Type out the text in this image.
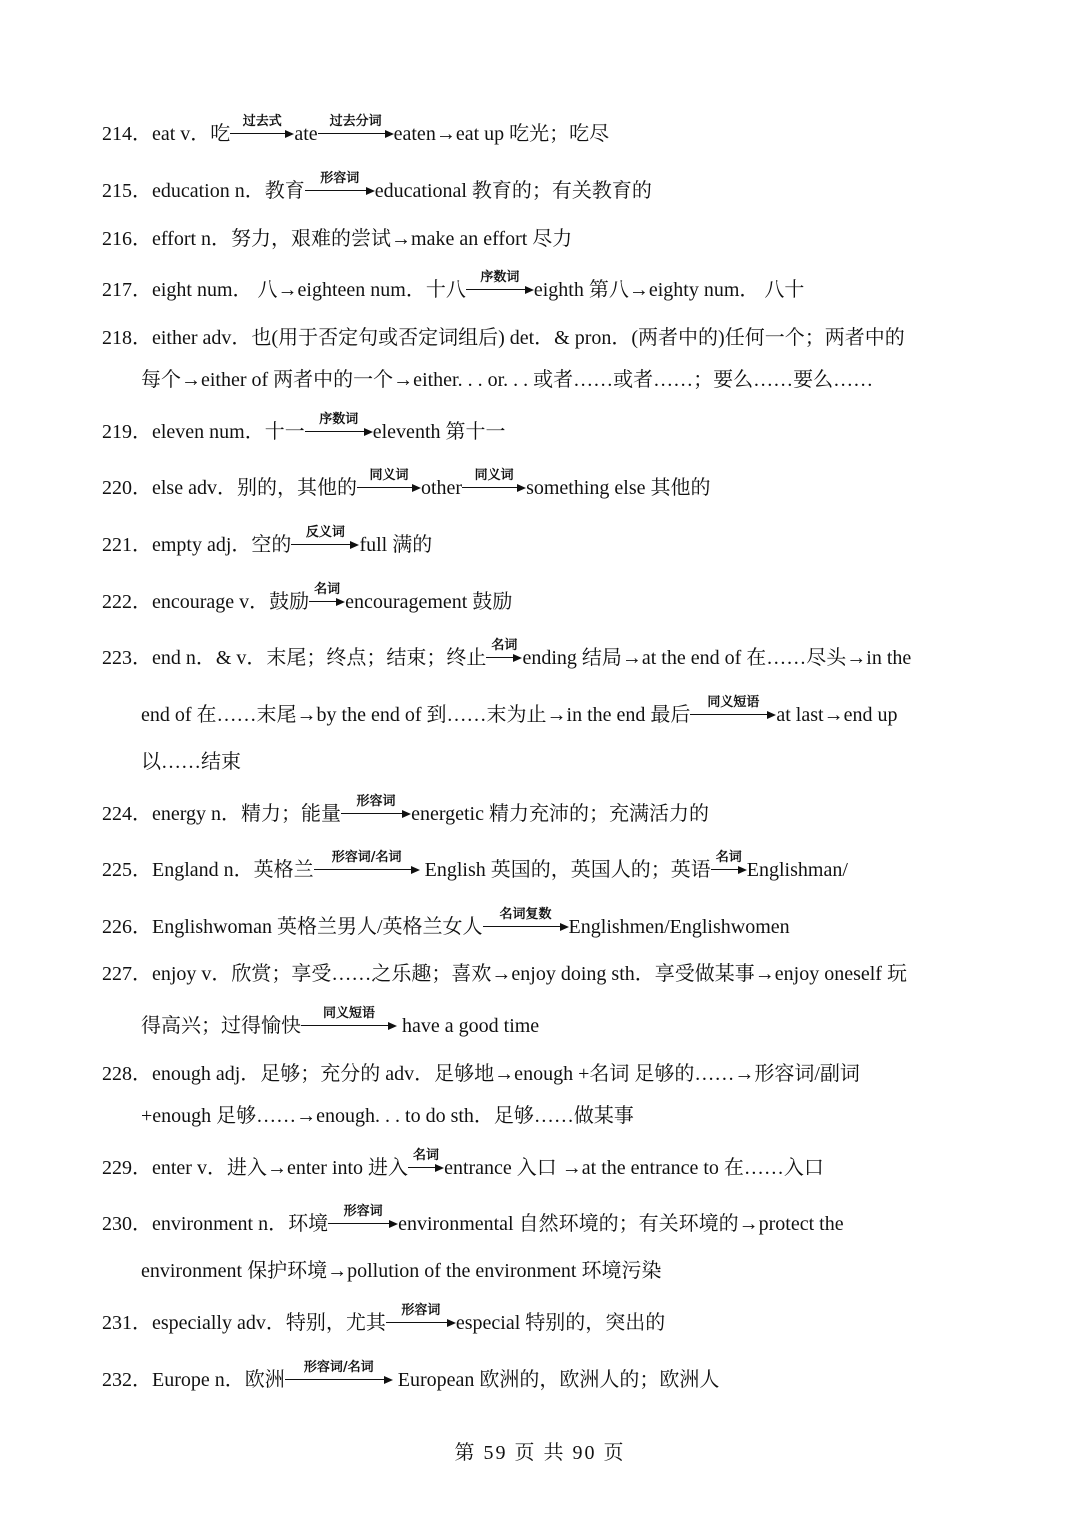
214．eat v．吃
过去式
ate
过去分词
eaten→eat up 吃光；吃尽
215．education n．教育
形容词
educational 教育的；有关教育的
216．effort n．努力，艰难的尝试→make an effort 尽力
217．eight num． 八→eighteen num．十八
序数词
eighth 第八→eighty num． 八十
218．either adv．也(用于否定句或否定词组后) det．& pron．(两者中的)任何一个；两者中的
每个→either of 两者中的一个→either. . . or. . . 或者……或者……；要么……要么……
219．eleven num．十一
序数词
eleventh 第十一
220．else adv．别的，其他的
同义词
other
同义词
something else 其他的
221．empty adj．空的
反义词
full 满的
222．encourage v．鼓励
名词
encouragement 鼓励
223．end n．& v．末尾；终点；结束；终止
名词
ending 结局→at the end of 在……尽头→in the
end of 在……末尾→by the end of 到……末为止→in the end 最后
同义短语
at last→end up
以……结束
224．energy n．精力；能量
形容词
energetic 精力充沛的；充满活力的
225．England n．英格兰
形容词/名词
English 英国的，英国人的；英语
名词
Englishman/
226．Englishwoman 英格兰男人/英格兰女人
名词复数
Englishmen/Englishwomen
227．enjoy v．欣赏；享受……之乐趣；喜欢→enjoy doing sth．享受做某事→enjoy oneself 玩
得高兴；过得愉快
同义短语
have a good time
228．enough adj．足够；充分的 adv．足够地→enough +名词 足够的……→形容词/副词
+enough 足够……→enough. . . to do sth．足够……做某事
229．enter v．进入→enter into 进入
名词
entrance 入口 →at the entrance to 在……入口
230．environment n．环境
形容词
environmental 自然环境的；有关环境的→protect the
environment 保护环境→pollution of the environment 环境污染
231．especially adv．特别，尤其
形容词
especial 特别的，突出的
232．Europe n．欧洲
形容词/名词
European 欧洲的，欧洲人的；欧洲人
第 59 页 共 90 页
